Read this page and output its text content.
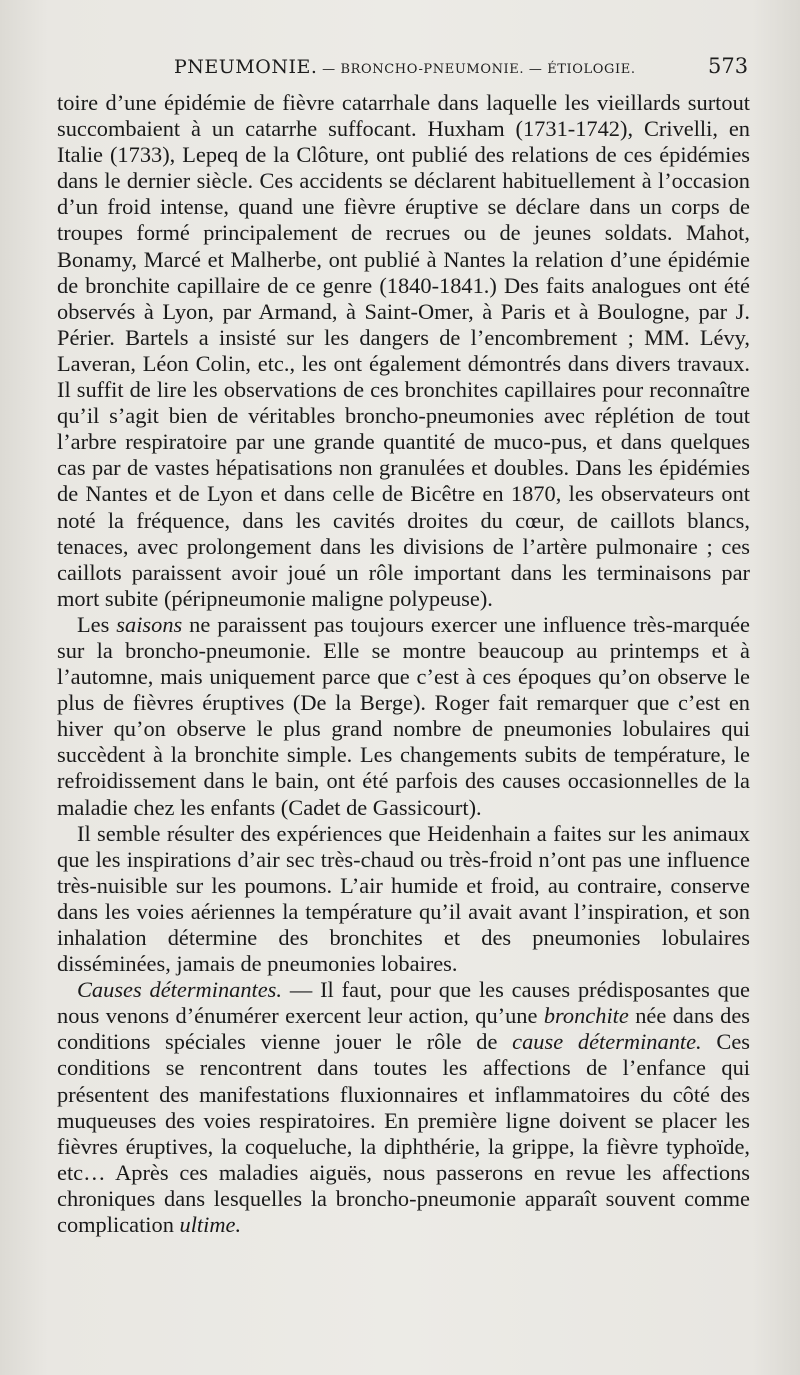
PNEUMONIE. — BRONCHO-PNEUMONIE. — ÉTIOLOGIE.	573

toire d’une épidémie de fièvre catarrhale dans laquelle les vieillards surtout succombaient à un catarrhe suffocant. Huxham (1731-1742), Crivelli, en Italie (1733), Lepeq de la Clôture, ont publié des relations de ces épidémies dans le dernier siècle. Ces accidents se déclarent habituellement à l’occasion d’un froid intense, quand une fièvre éruptive se déclare dans un corps de troupes formé principalement de recrues ou de jeunes soldats. Mahot, Bonamy, Marcé et Malherbe, ont publié à Nantes la relation d’une épidémie de bronchite capillaire de ce genre (1840-1841.) Des faits analogues ont été observés à Lyon, par Armand, à Saint-Omer, à Paris et à Boulogne, par J. Périer. Bartels a insisté sur les dangers de l’encombrement ; MM. Lévy, Laveran, Léon Colin, etc., les ont également démontrés dans divers travaux. Il suffit de lire les observations de ces bronchites capillaires pour reconnaître qu’il s’agit bien de véritables broncho-pneumonies avec réplétion de tout l’arbre respiratoire par une grande quantité de muco-pus, et dans quelques cas par de vastes hépatisations non granulées et doubles. Dans les épidémies de Nantes et de Lyon et dans celle de Bicêtre en 1870, les observateurs ont noté la fréquence, dans les cavités droites du cœur, de caillots blancs, tenaces, avec prolongement dans les divisions de l’artère pulmonaire ; ces caillots paraissent avoir joué un rôle important dans les terminaisons par mort subite (péripneumonie maligne polypeuse).

Les saisons ne paraissent pas toujours exercer une influence très-marquée sur la broncho-pneumonie. Elle se montre beaucoup au printemps et à l’automne, mais uniquement parce que c’est à ces époques qu’on observe le plus de fièvres éruptives (De la Berge). Roger fait remarquer que c’est en hiver qu’on observe le plus grand nombre de pneumonies lobulaires qui succèdent à la bronchite simple. Les changements subits de température, le refroidissement dans le bain, ont été parfois des causes occasionnelles de la maladie chez les enfants (Cadet de Gassicourt).

Il semble résulter des expériences que Heidenhain a faites sur les animaux que les inspirations d’air sec très-chaud ou très-froid n’ont pas une influence très-nuisible sur les poumons. L’air humide et froid, au contraire, conserve dans les voies aériennes la température qu’il avait avant l’inspiration, et son inhalation détermine des bronchites et des pneumonies lobulaires disséminées, jamais de pneumonies lobaires.

Causes déterminantes. — Il faut, pour que les causes prédisposantes que nous venons d’énumérer exercent leur action, qu’une bronchite née dans des conditions spéciales vienne jouer le rôle de cause déterminante. Ces conditions se rencontrent dans toutes les affections de l’enfance qui présentent des manifestations fluxionnaires et inflammatoires du côté des muqueuses des voies respiratoires. En première ligne doivent se placer les fièvres éruptives, la coqueluche, la diphthérie, la grippe, la fièvre typhoïde, etc… Après ces maladies aiguës, nous passerons en revue les affections chroniques dans lesquelles la broncho-pneumonie apparaît souvent comme complication ultime.
